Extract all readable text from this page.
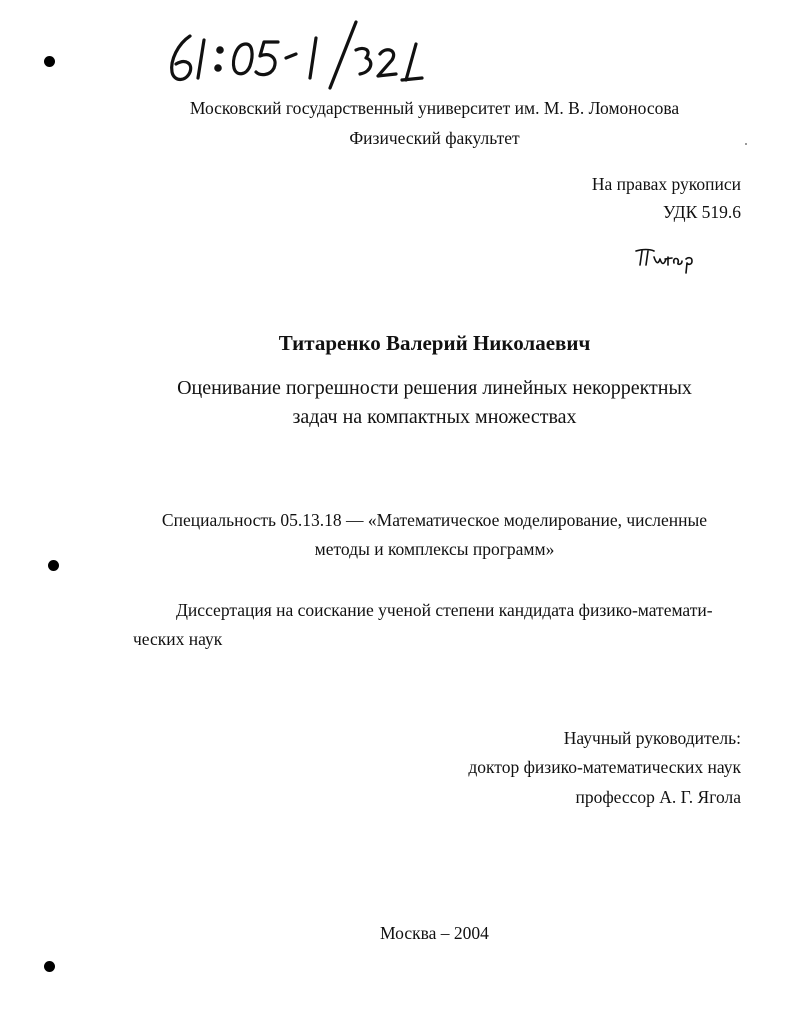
Московский государственный университет им. М. В. Ломоносова
Физический факультет
На правах рукописи
УДК 519.6
Титаренко Валерий Николаевич
Оценивание погрешности решения линейных некорректных
задач на компактных множествах
Специальность 05.13.18 — «Математическое моделирование, численные
методы и комплексы программ»
Диссертация на соискание ученой степени кандидата физико-математи-
ческих наук
Научный руководитель:
доктор физико-математических наук
профессор А. Г. Ягола
Москва – 2004
